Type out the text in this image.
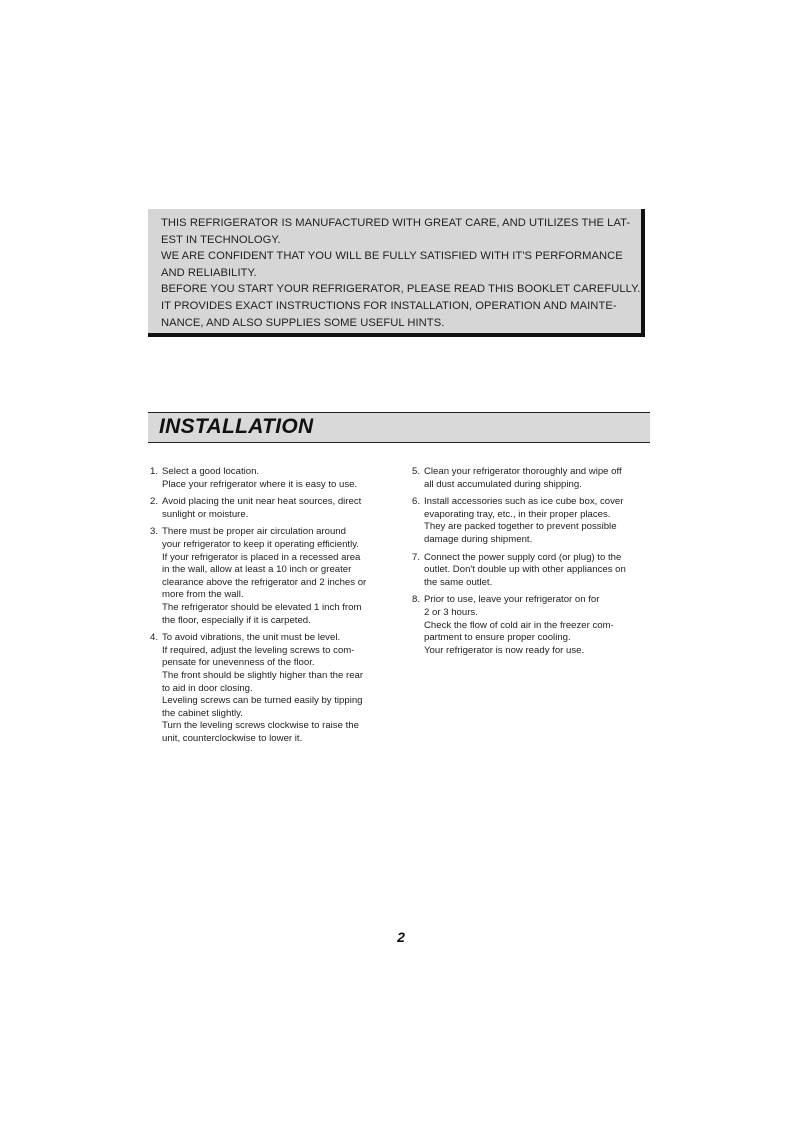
THIS REFRIGERATOR IS MANUFACTURED WITH GREAT CARE, AND UTILIZES THE LAT-
EST IN TECHNOLOGY.
WE ARE CONFIDENT THAT YOU WILL BE FULLY SATISFIED WITH IT'S PERFORMANCE
AND RELIABILITY.
BEFORE YOU START YOUR REFRIGERATOR, PLEASE READ THIS BOOKLET CAREFULLY.
IT PROVIDES EXACT INSTRUCTIONS FOR INSTALLATION, OPERATION AND MAINTE-
NANCE, AND ALSO SUPPLIES SOME USEFUL HINTS.
INSTALLATION
1. Select a good location.
Place your refrigerator where it is easy to use.
2. Avoid placing the unit near heat sources, direct
sunlight or moisture.
3. There must be proper air circulation around
your refrigerator to keep it operating efficiently.
If your refrigerator is placed in a recessed area
in the wall, allow at least a 10 inch or greater
clearance above the refrigerator and 2 inches or
more from the wall.
The refrigerator should be elevated 1 inch from
the floor, especially if it is carpeted.
4. To avoid vibrations, the unit must be level.
If required, adjust the leveling screws to com-
pensate for unevenness of the floor.
The front should be slightly higher than the rear
to aid in door closing.
Leveling screws can be turned easily by tipping
the cabinet slightly.
Turn the leveling screws clockwise to raise the
unit, counterclockwise to lower it.
5. Clean your refrigerator thoroughly and wipe off
all dust accumulated during shipping.
6. Install accessories such as ice cube box, cover
evaporating tray, etc., in their proper places.
They are packed together to prevent possible
damage during shipment.
7. Connect the power supply cord (or plug) to the
outlet. Don't double up with other appliances on
the same outlet.
8. Prior to use, leave your refrigerator on for
2 or 3 hours.
Check the flow of cold air in the freezer com-
partment to ensure proper cooling.
Your refrigerator is now ready for use.
2
